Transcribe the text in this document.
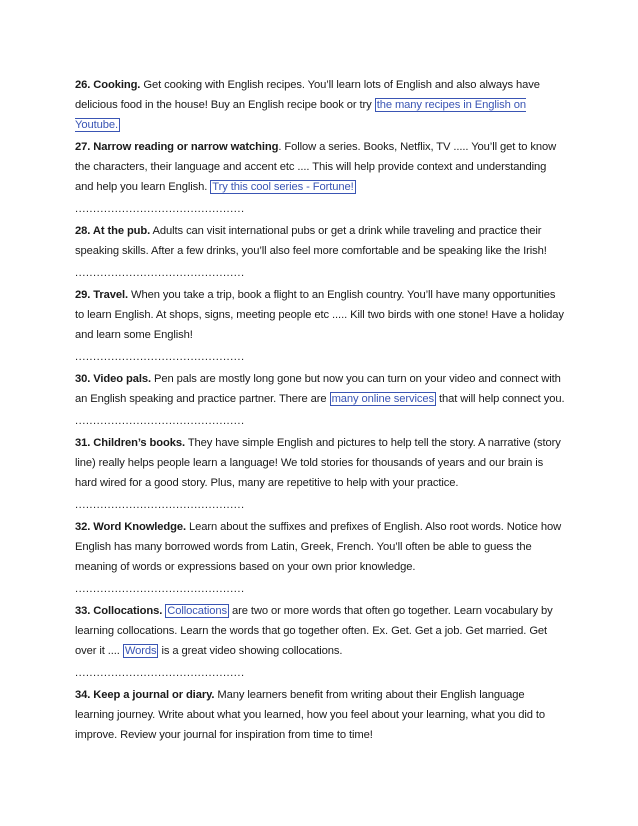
26. Cooking. Get cooking with English recipes. You’ll learn lots of English and also always have delicious food in the house! Buy an English recipe book or try the many recipes in English on Youtube.

27. Narrow reading or narrow watching. Follow a series. Books, Netflix, TV ..... You’ll get to know the characters, their language and accent etc .... This will help provide context and understanding and help you learn English. Try this cool series - Fortune!

...............................................

28. At the pub. Adults can visit international pubs or get a drink while traveling and practice their speaking skills. After a few drinks, you’ll also feel more comfortable and be speaking like the Irish!

...............................................

29. Travel. When you take a trip, book a flight to an English country. You’ll have many opportunities to learn English. At shops, signs, meeting people etc ..... Kill two birds with one stone! Have a holiday and learn some English!

...............................................

30. Video pals. Pen pals are mostly long gone but now you can turn on your video and connect with an English speaking and practice partner. There are many online services that will help connect you.

...............................................

31. Children’s books. They have simple English and pictures to help tell the story. A narrative (story line) really helps people learn a language! We told stories for thousands of years and our brain is hard wired for a good story. Plus, many are repetitive to help with your practice.

...............................................

32. Word Knowledge. Learn about the suffixes and prefixes of English. Also root words. Notice how English has many borrowed words from Latin, Greek, French. You’ll often be able to guess the meaning of words or expressions based on your own prior knowledge.

...............................................

33. Collocations. Collocations are two or more words that often go together. Learn vocabulary by learning collocations. Learn the words that go together often. Ex. Get. Get a job. Get married. Get over it .... Words is a great video showing collocations.

...............................................

34. Keep a journal or diary. Many learners benefit from writing about their English language learning journey. Write about what you learned, how you feel about your learning, what you did to improve. Review your journal for inspiration from time to time!
